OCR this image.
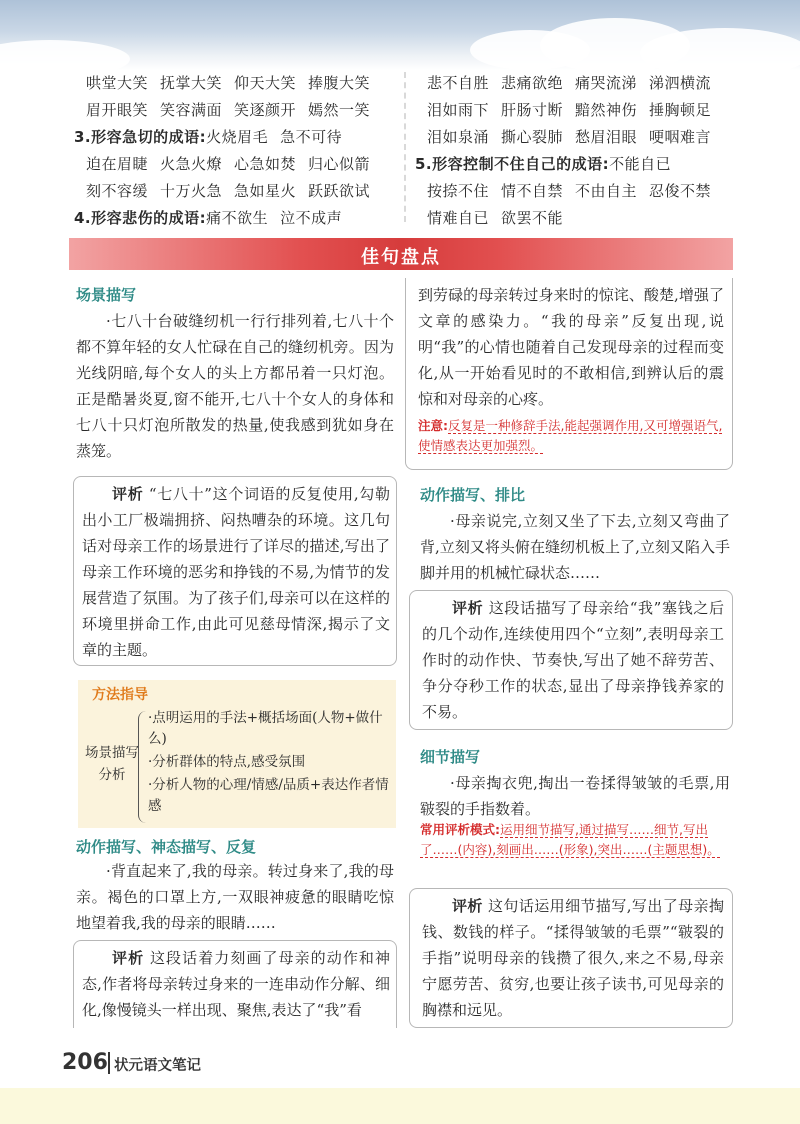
哄堂大笑 抚掌大笑 仰天大笑 捧腹大笑
眉开眼笑 笑容满面 笑逐颜开 嫣然一笑
3.形容急切的成语:火烧眉毛 急不可待
迫在眉睫 火急火燎 心急如焚 归心似箭
刻不容缓 十万火急 急如星火 跃跃欲试
4.形容悲伤的成语:痛不欲生 泣不成声
悲不自胜 悲痛欲绝 痛哭流涕 涕泗横流
泪如雨下 肝肠寸断 黯然神伤 捶胸顿足
泪如泉涌 撕心裂肺 愁眉泪眼 哽咽难言
5.形容控制不住自己的成语:不能自已
按捺不住 情不自禁 不由自主 忍俊不禁
情难自已 欲罢不能
佳句盘点
场景描写
·七八十台破缝纫机一行行排列着,七八十个都不算年轻的女人忙碌在自己的缝纫机旁。因为光线阴暗,每个女人的头上方都吊着一只灯泡。正是酷暑炎夏,窗不能开,七八十个女人的身体和七八十只灯泡所散发的热量,使我感到犹如身在蒸笼。
评析 “七八十”这个词语的反复使用,勾勒出小工厂极端拥挤、闷热嘈杂的环境。这几句话对母亲工作的场景进行了详尽的描述,写出了母亲工作环境的恶劣和挣钱的不易,为情节的发展营造了氛围。为了孩子们,母亲可以在这样的环境里拼命工作,由此可见慈母情深,揭示了文章的主题。
方法指导
场景描写分析
·点明运用的手法+概括场面(人物+做什么)
·分析群体的特点,感受氛围
·分析人物的心理/情感/品质+表达作者情感
动作描写、神态描写、反复
·背直起来了,我的母亲。转过身来了,我的母亲。褐色的口罩上方,一双眼神疲惫的眼睛吃惊地望着我,我的母亲的眼睛……
评析 这段话着力刻画了母亲的动作和神态,作者将母亲转过身来的一连串动作分解、细化,像慢镜头一样出现、聚焦,表达了“我”看
到劳碌的母亲转过身来时的惊诧、酸楚,增强了文章的感染力。“我的母亲”反复出现,说明“我”的心情也随着自己发现母亲的过程而变化,从一开始看见时的不敢相信,到辨认后的震惊和对母亲的心疼。
注意:反复是一种修辞手法,能起强调作用,又可增强语气,使情感表达更加强烈。
动作描写、排比
·母亲说完,立刻又坐了下去,立刻又弯曲了背,立刻又将头俯在缝纫机板上了,立刻又陷入手脚并用的机械忙碌状态……
评析 这段话描写了母亲给“我”塞钱之后的几个动作,连续使用四个“立刻”,表明母亲工作时的动作快、节奏快,写出了她不辞劳苦、争分夺秒工作的状态,显出了母亲挣钱养家的不易。
细节描写
·母亲掏衣兜,掏出一卷揉得皱皱的毛票,用皲裂的手指数着。
常用评析模式:运用细节描写,通过描写……细节,写出了……(内容),刻画出……(形象),突出……(主题思想)。
评析 这句话运用细节描写,写出了母亲掏钱、数钱的样子。“揉得皱皱的毛票”“皲裂的手指”说明母亲的钱攒了很久,来之不易,母亲宁愿劳苦、贫穷,也要让孩子读书,可见母亲的胸襟和远见。
206 状元语文笔记
